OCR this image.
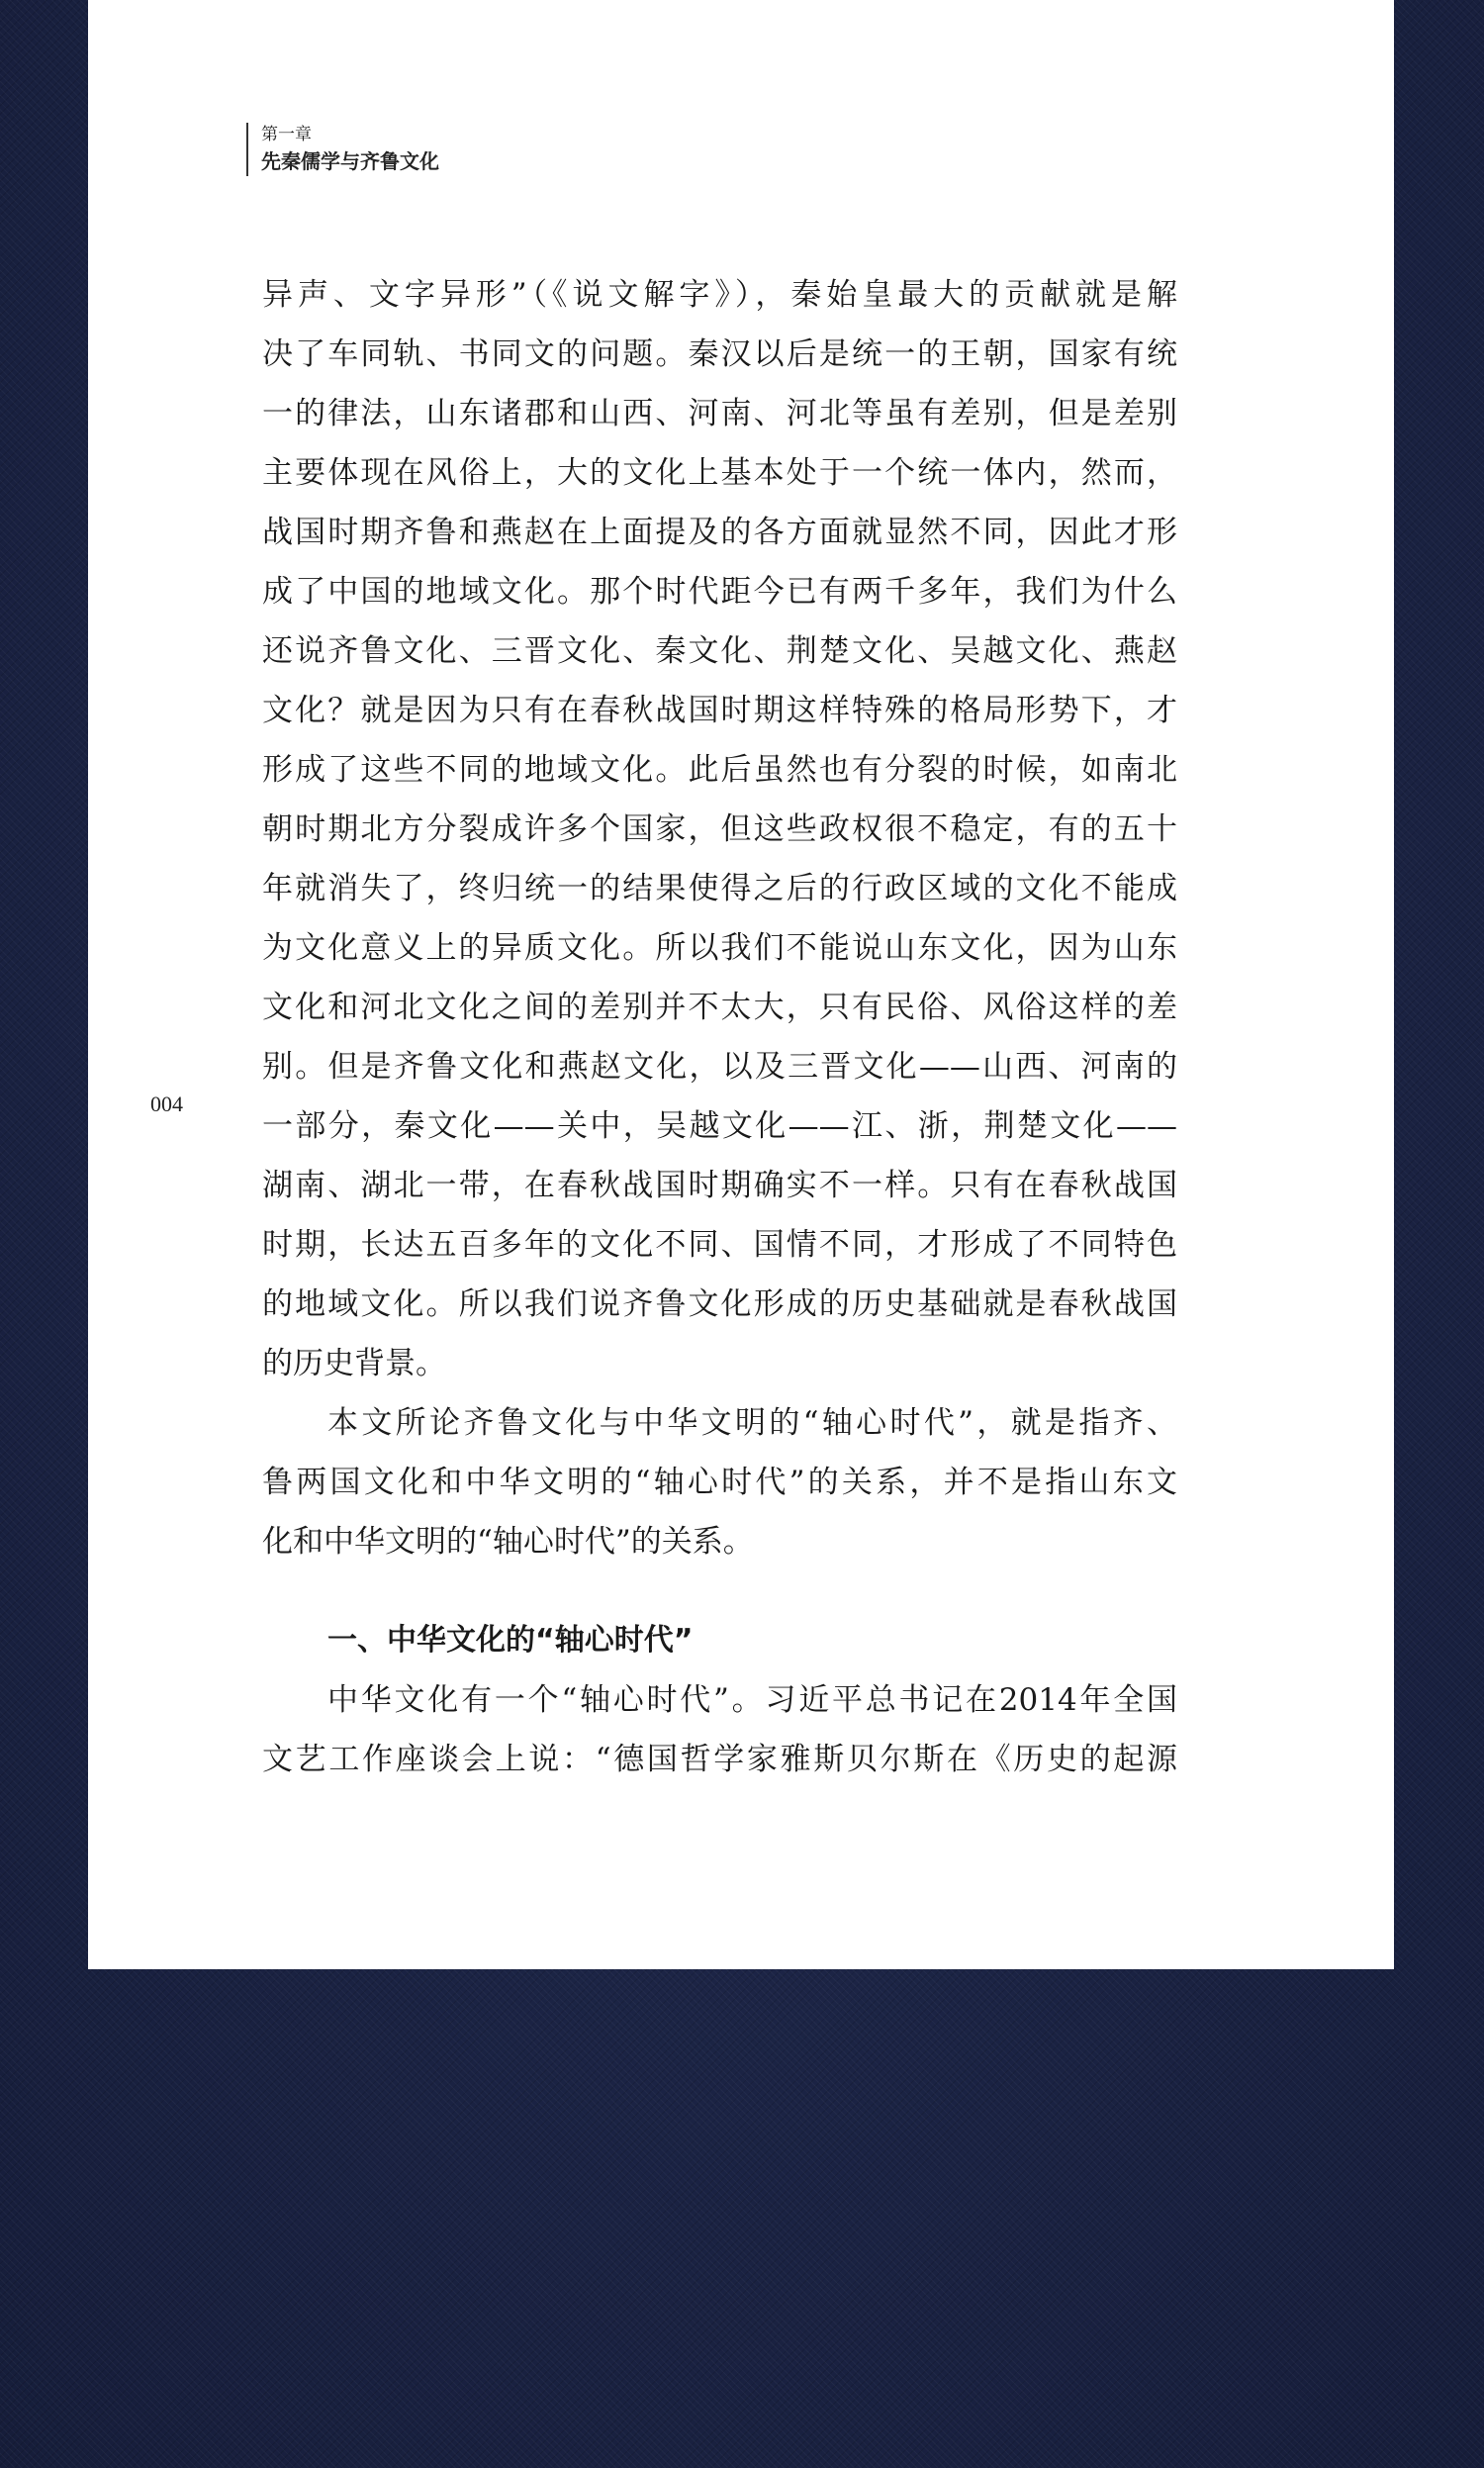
第一章
先秦儒学与齐鲁文化
004
异声、文字异形”（《说文解字》），秦始皇最大的贡献就是解
决了车同轨、书同文的问题。秦汉以后是统一的王朝，国家有统
一的律法，山东诸郡和山西、河南、河北等虽有差别，但是差别
主要体现在风俗上，大的文化上基本处于一个统一体内，然而，
战国时期齐鲁和燕赵在上面提及的各方面就显然不同，因此才形
成了中国的地域文化。那个时代距今已有两千多年，我们为什么
还说齐鲁文化、三晋文化、秦文化、荆楚文化、吴越文化、燕赵
文化？就是因为只有在春秋战国时期这样特殊的格局形势下，才
形成了这些不同的地域文化。此后虽然也有分裂的时候，如南北
朝时期北方分裂成许多个国家，但这些政权很不稳定，有的五十
年就消失了，终归统一的结果使得之后的行政区域的文化不能成
为文化意义上的异质文化。所以我们不能说山东文化，因为山东
文化和河北文化之间的差别并不太大，只有民俗、风俗这样的差
别。但是齐鲁文化和燕赵文化，以及三晋文化——山西、河南的
一部分，秦文化——关中，吴越文化——江、浙，荆楚文化——
湖南、湖北一带，在春秋战国时期确实不一样。只有在春秋战国
时期，长达五百多年的文化不同、国情不同，才形成了不同特色
的地域文化。所以我们说齐鲁文化形成的历史基础就是春秋战国
的历史背景。
本文所论齐鲁文化与中华文明的“轴心时代”，就是指齐、
鲁两国文化和中华文明的“轴心时代”的关系，并不是指山东文
化和中华文明的“轴心时代”的关系。
一、中华文化的“轴心时代”
中华文化有一个“轴心时代”。习近平总书记在2014年全国
文艺工作座谈会上说：“德国哲学家雅斯贝尔斯在《历史的起源
